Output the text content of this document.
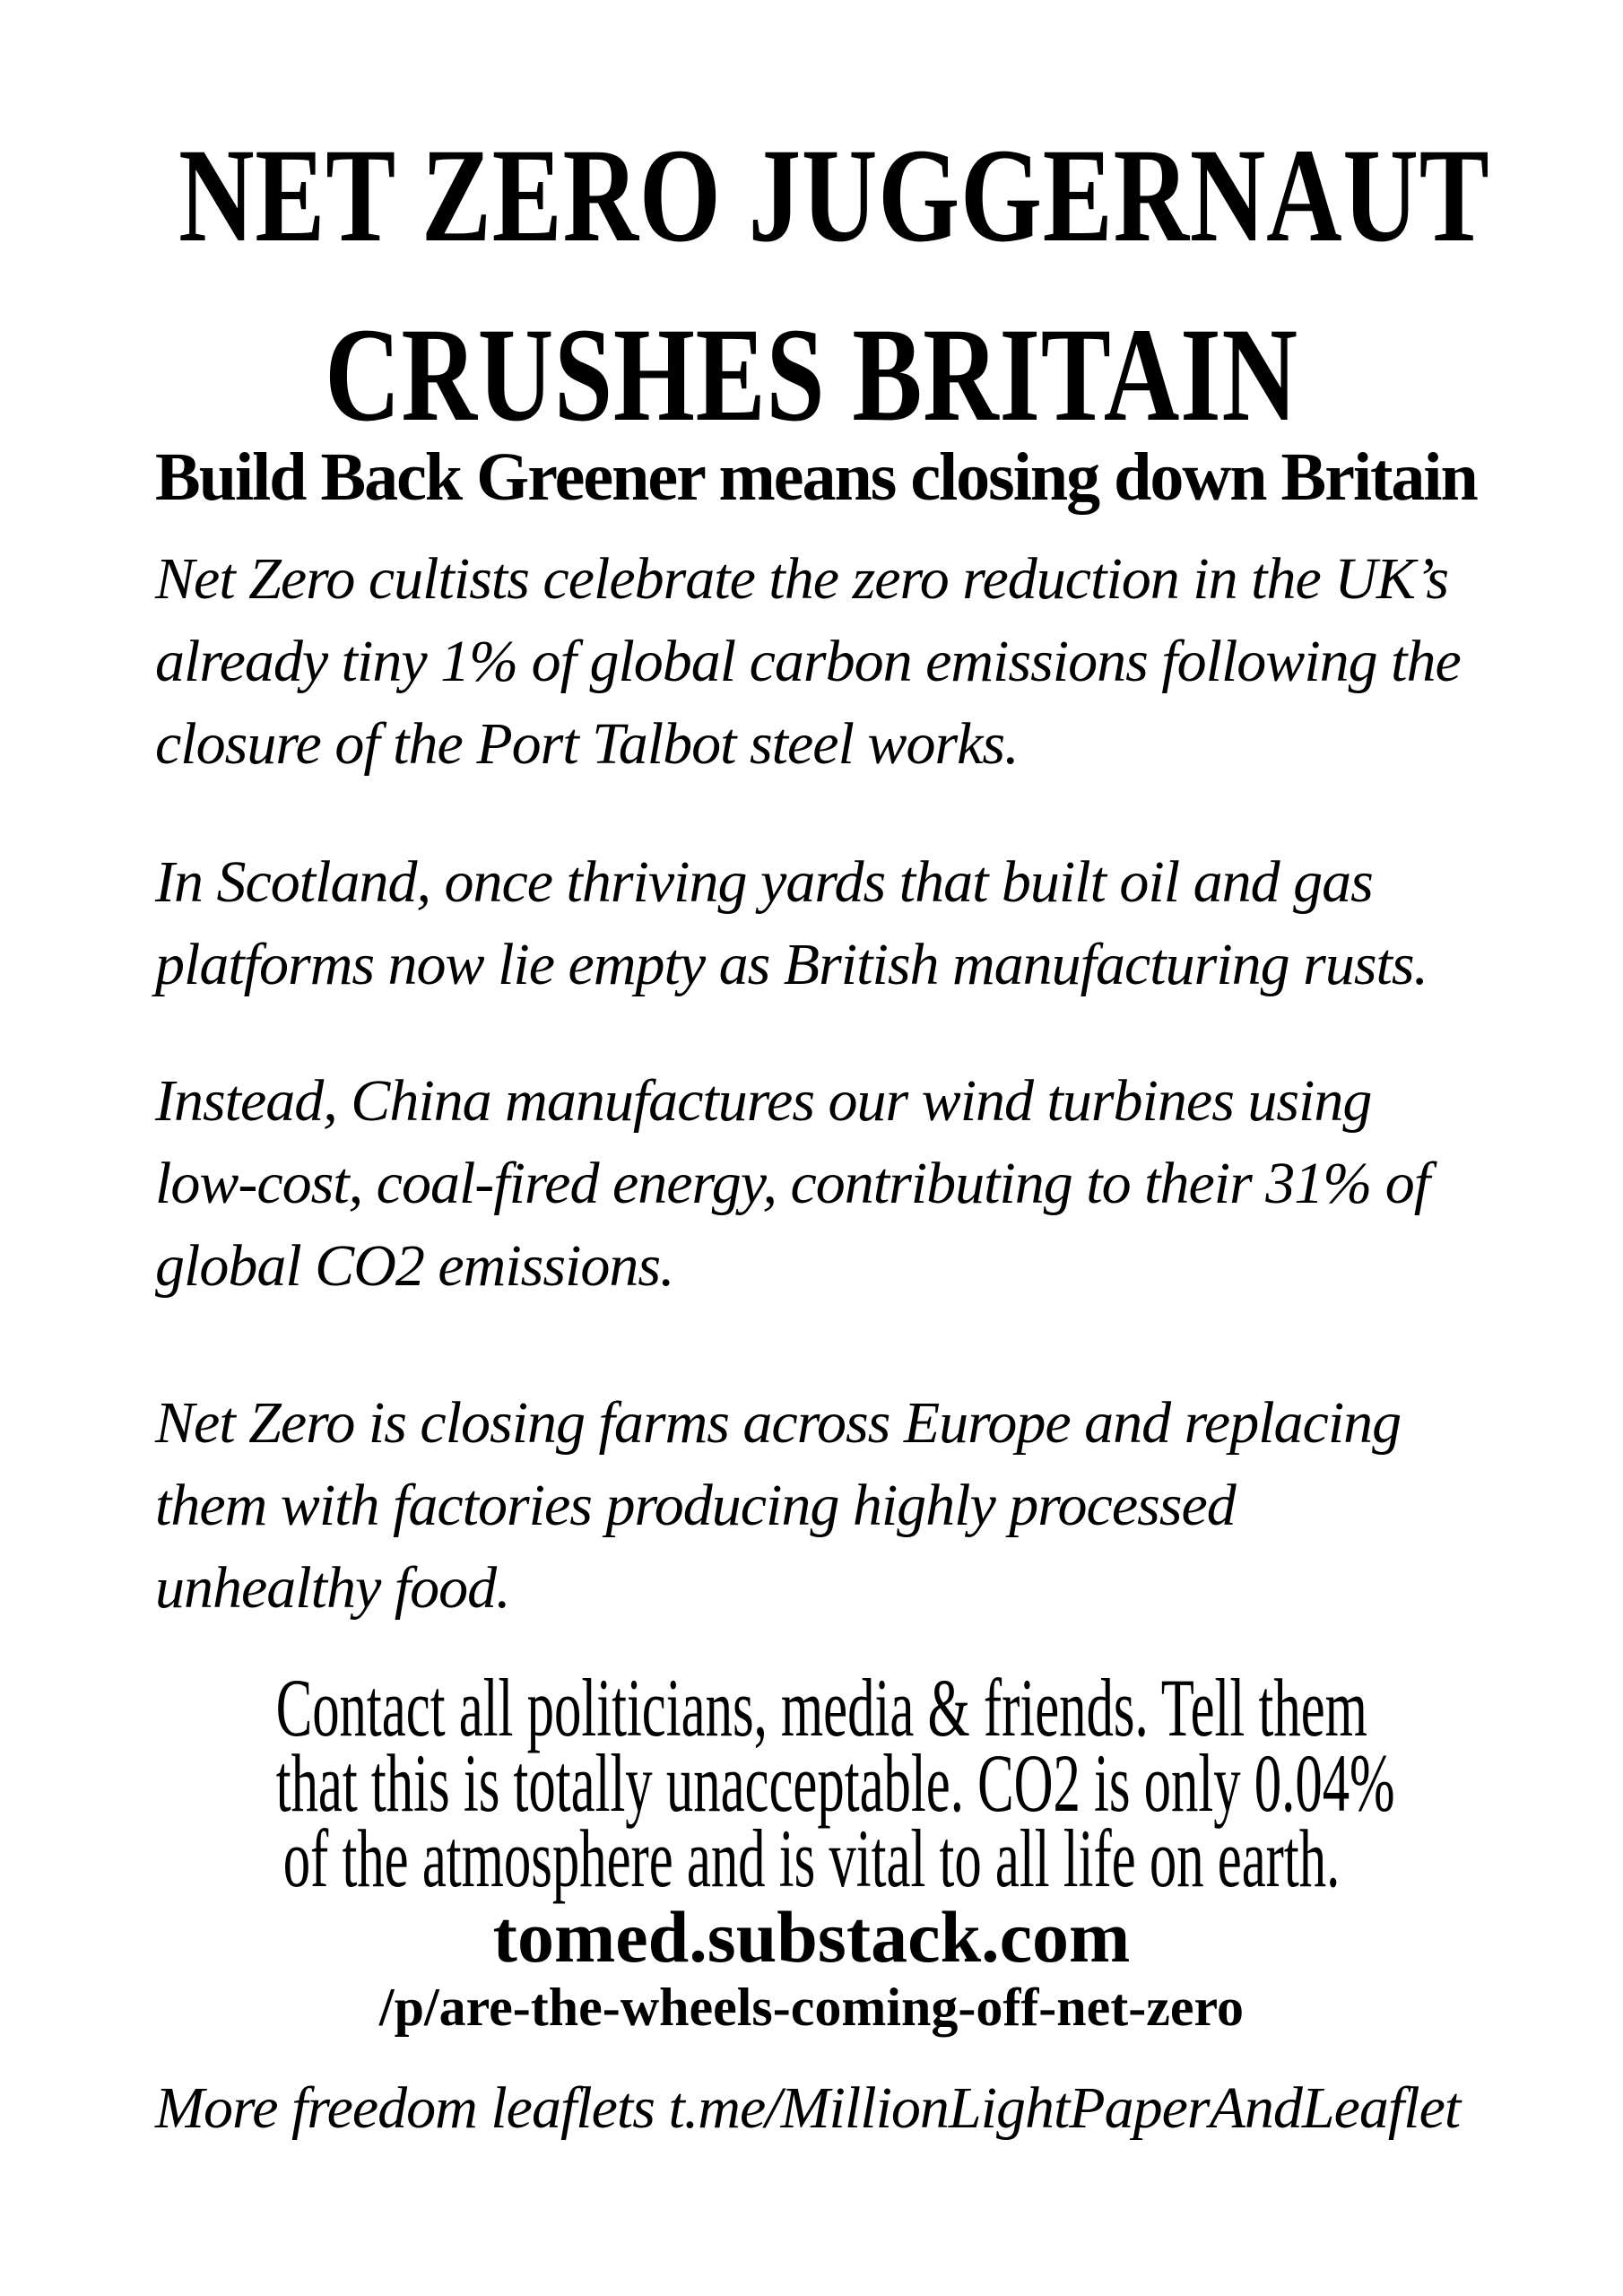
NET ZERO JUGGERNAUT
CRUSHES BRITAIN
Build Back Greener means closing down Britain
Net Zero cultists celebrate the zero reduction in the UK’s
already tiny 1% of global carbon emissions following the
closure of the Port Talbot steel works.
In Scotland, once thriving yards that built oil and gas
platforms now lie empty as British manufacturing rusts.
Instead, China manufactures our wind turbines using
low-cost, coal-fired energy, contributing to their 31% of
global CO2 emissions.
Net Zero is closing farms across Europe and replacing
them with factories producing highly processed
unhealthy food.
Contact all politicians, media & friends. Tell them
that this is totally unacceptable. CO2 is only 0.04%
of the atmosphere and is vital to all life on earth.
tomed.substack.com
/p/are-the-wheels-coming-off-net-zero
More freedom leaflets t.me/MillionLightPaperAndLeaflet
